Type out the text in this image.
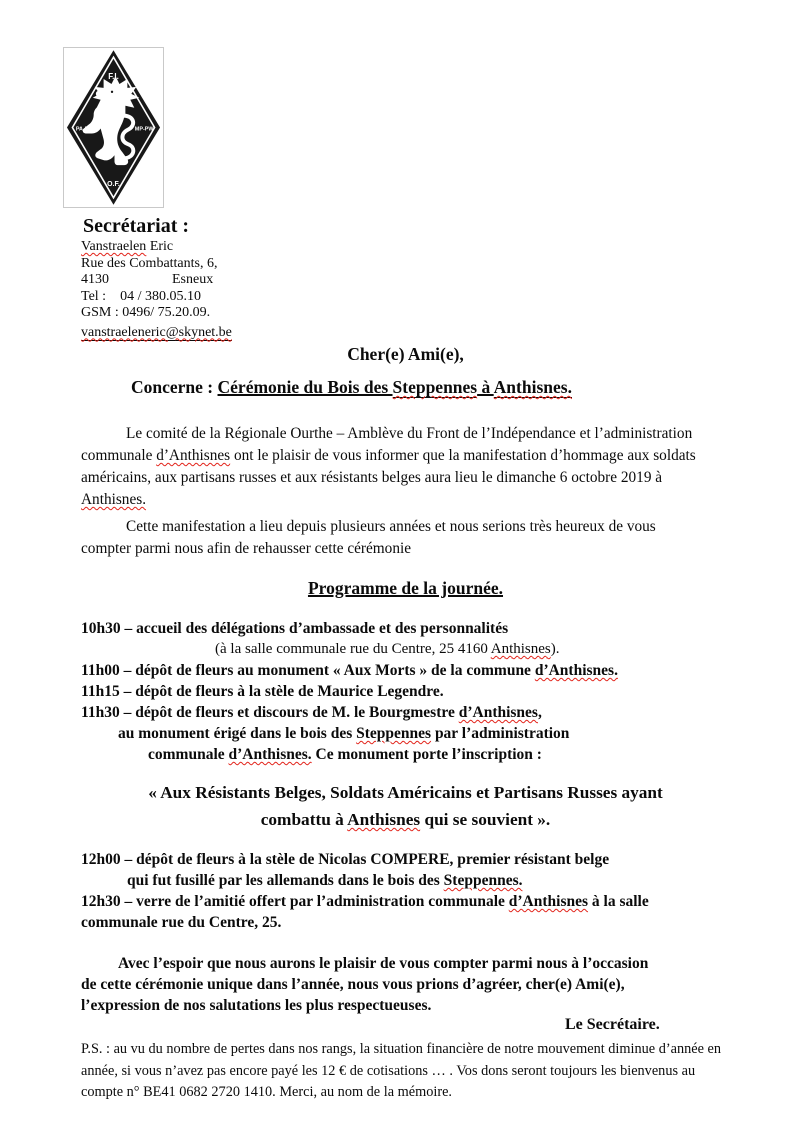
F.I.
PA-PL	MP-PW
O.F.
Secrétariat :
Vanstraelen Eric
Rue des Combattants, 6,
4130                  Esneux
Tel :    04 / 380.05.10
GSM : 0496/ 75.20.09.
vanstraeleneric@skynet.be
Cher(e) Ami(e),
Concerne : Cérémonie du Bois des Steppennes à Anthisnes.
Le comité de la Régionale Ourthe – Amblève du Front de l’Indépendance et l’administration
communale d’Anthisnes ont le plaisir de vous informer que la manifestation d’hommage aux soldats
américains, aux partisans russes et aux résistants belges aura lieu le dimanche 6 octobre 2019 à
Anthisnes.
Cette manifestation a lieu depuis plusieurs années et nous serions très heureux de vous
compter parmi nous afin de rehausser cette cérémonie
Programme de la journée.
10h30 – accueil des délégations d’ambassade et des personnalités
(à la salle communale rue du Centre, 25 4160 Anthisnes).
11h00 – dépôt de fleurs au monument « Aux Morts » de la commune d’Anthisnes.
11h15 – dépôt de fleurs à la stèle de Maurice Legendre.
11h30 – dépôt de fleurs et discours de M. le Bourgmestre d’Anthisnes,
au monument érigé dans le bois des Steppennes par l’administration
communale d’Anthisnes. Ce monument porte l’inscription :
« Aux Résistants Belges, Soldats Américains et Partisans Russes ayant
combattu à Anthisnes qui se souvient ».
12h00 – dépôt de fleurs à la stèle de Nicolas COMPERE, premier résistant belge
qui fut fusillé par les allemands dans le bois des Steppennes.
12h30 – verre de l’amitié offert par l’administration communale d’Anthisnes à la salle
communale rue du Centre, 25.
Avec l’espoir que nous aurons le plaisir de vous compter parmi nous à l’occasion
de cette cérémonie unique dans l’année, nous vous prions d’agréer, cher(e) Ami(e),
l’expression de nos salutations les plus respectueuses.
Le Secrétaire.
P.S. : au vu du nombre de pertes dans nos rangs, la situation financière de notre mouvement diminue d’année en
année, si vous n’avez pas encore payé les 12 € de cotisations … . Vos dons seront toujours les bienvenus au
compte n° BE41 0682 2720 1410. Merci, au nom de la mémoire.
